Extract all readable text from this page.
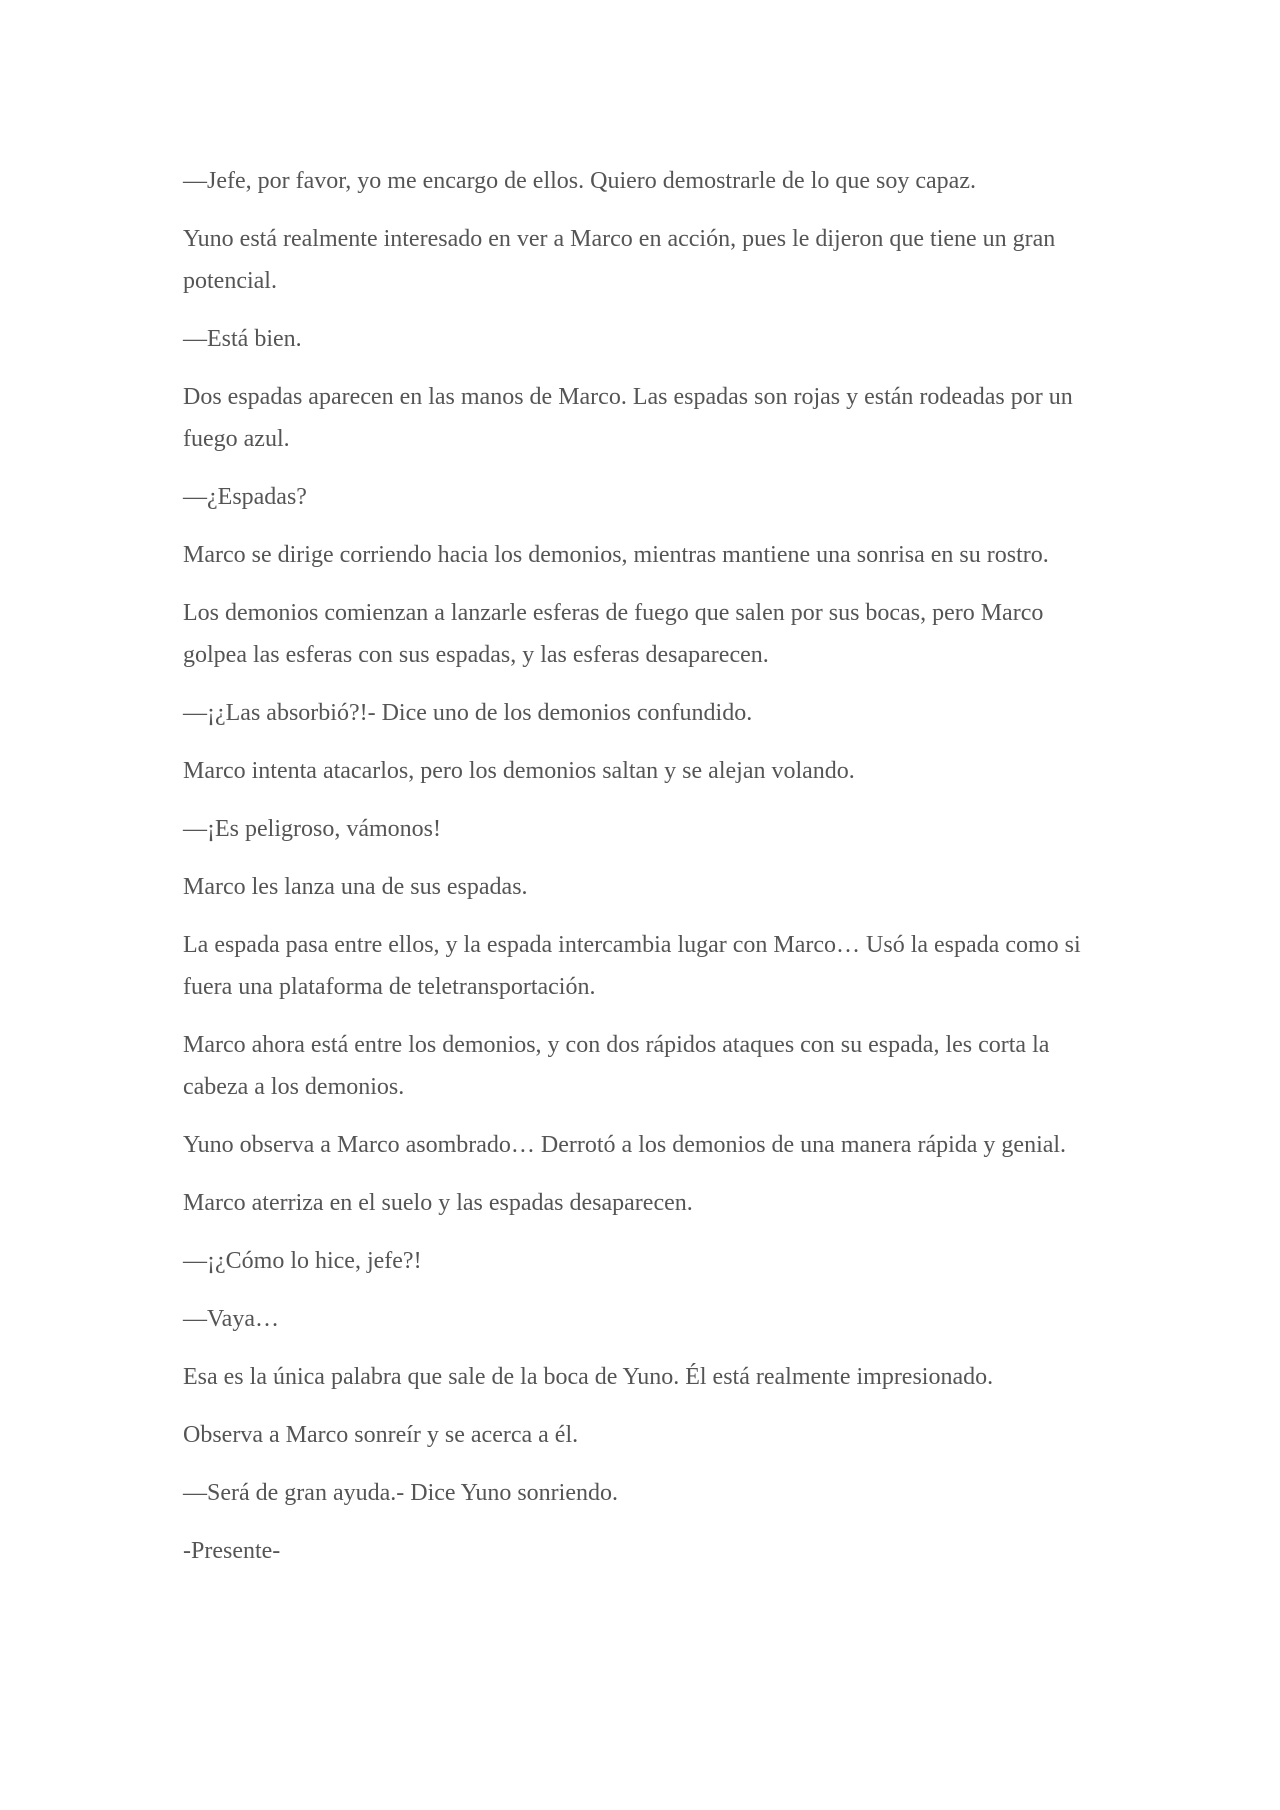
—Jefe, por favor, yo me encargo de ellos. Quiero demostrarle de lo que soy capaz.

Yuno está realmente interesado en ver a Marco en acción, pues le dijeron que tiene un gran potencial.

—Está bien.

Dos espadas aparecen en las manos de Marco. Las espadas son rojas y están rodeadas por un fuego azul.

—¿Espadas?

Marco se dirige corriendo hacia los demonios, mientras mantiene una sonrisa en su rostro.

Los demonios comienzan a lanzarle esferas de fuego que salen por sus bocas, pero Marco golpea las esferas con sus espadas, y las esferas desaparecen.

—¡¿Las absorbió?!- Dice uno de los demonios confundido.

Marco intenta atacarlos, pero los demonios saltan y se alejan volando.

—¡Es peligroso, vámonos!

Marco les lanza una de sus espadas.

La espada pasa entre ellos, y la espada intercambia lugar con Marco… Usó la espada como si fuera una plataforma de teletransportación.

Marco ahora está entre los demonios, y con dos rápidos ataques con su espada, les corta la cabeza a los demonios.

Yuno observa a Marco asombrado… Derrotó a los demonios de una manera rápida y genial.

Marco aterriza en el suelo y las espadas desaparecen.

—¡¿Cómo lo hice, jefe?!

—Vaya…

Esa es la única palabra que sale de la boca de Yuno. Él está realmente impresionado.

Observa a Marco sonreír y se acerca a él.

—Será de gran ayuda.- Dice Yuno sonriendo.

-Presente-
